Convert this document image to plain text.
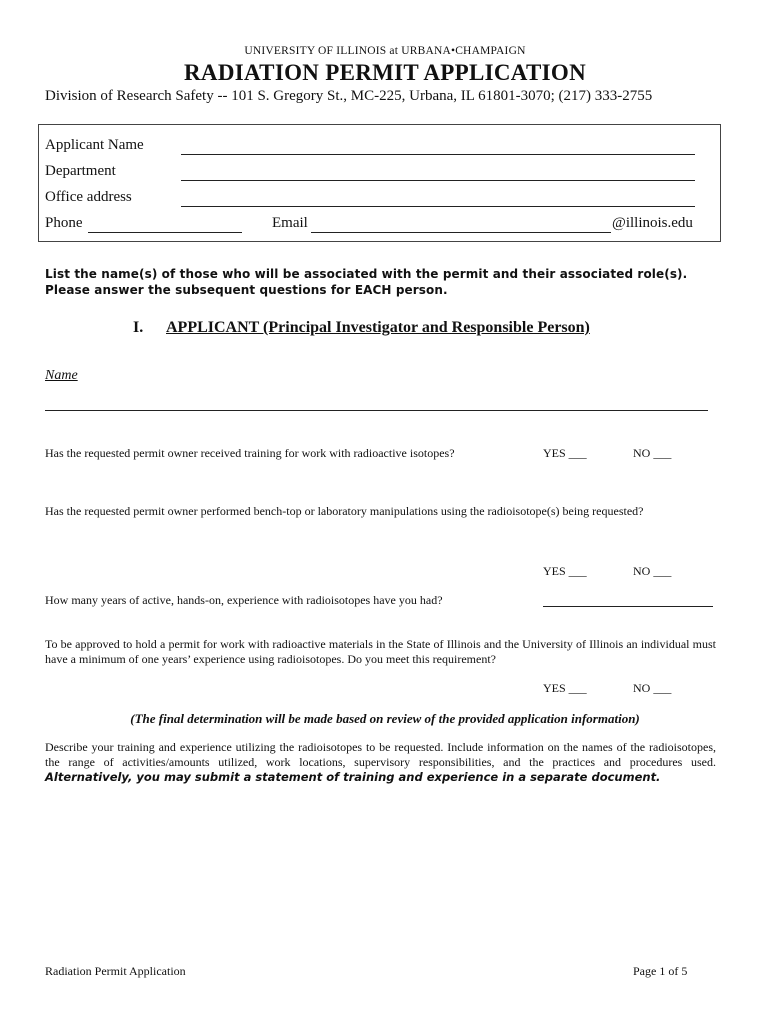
UNIVERSITY OF ILLINOIS at URBANA•CHAMPAIGN
RADIATION PERMIT APPLICATION
Division of Research Safety -- 101 S. Gregory St., MC-225, Urbana, IL 61801-3070; (217) 333-2755
Applicant Name
Department
Office address
Phone	Email	@illinois.edu
List the name(s) of those who will be associated with the permit and their associated role(s). Please answer the subsequent questions for EACH person.
I. APPLICANT (Principal Investigator and Responsible Person)
Name
Has the requested permit owner received training for work with radioactive isotopes?	YES ___	NO ___
Has the requested permit owner performed bench-top or laboratory manipulations using the radioisotope(s) being requested?
YES ___	NO ___
How many years of active, hands-on, experience with radioisotopes have you had?
To be approved to hold a permit for work with radioactive materials in the State of Illinois and the University of Illinois an individual must have a minimum of one years’ experience using radioisotopes. Do you meet this requirement?
YES ___	NO ___
(The final determination will be made based on review of the provided application information)
Describe your training and experience utilizing the radioisotopes to be requested. Include information on the names of the radioisotopes, the range of activities/amounts utilized, work locations, supervisory responsibilities, and the practices and procedures used. Alternatively, you may submit a statement of training and experience in a separate document.
Radiation Permit Application	Page 1 of 5
